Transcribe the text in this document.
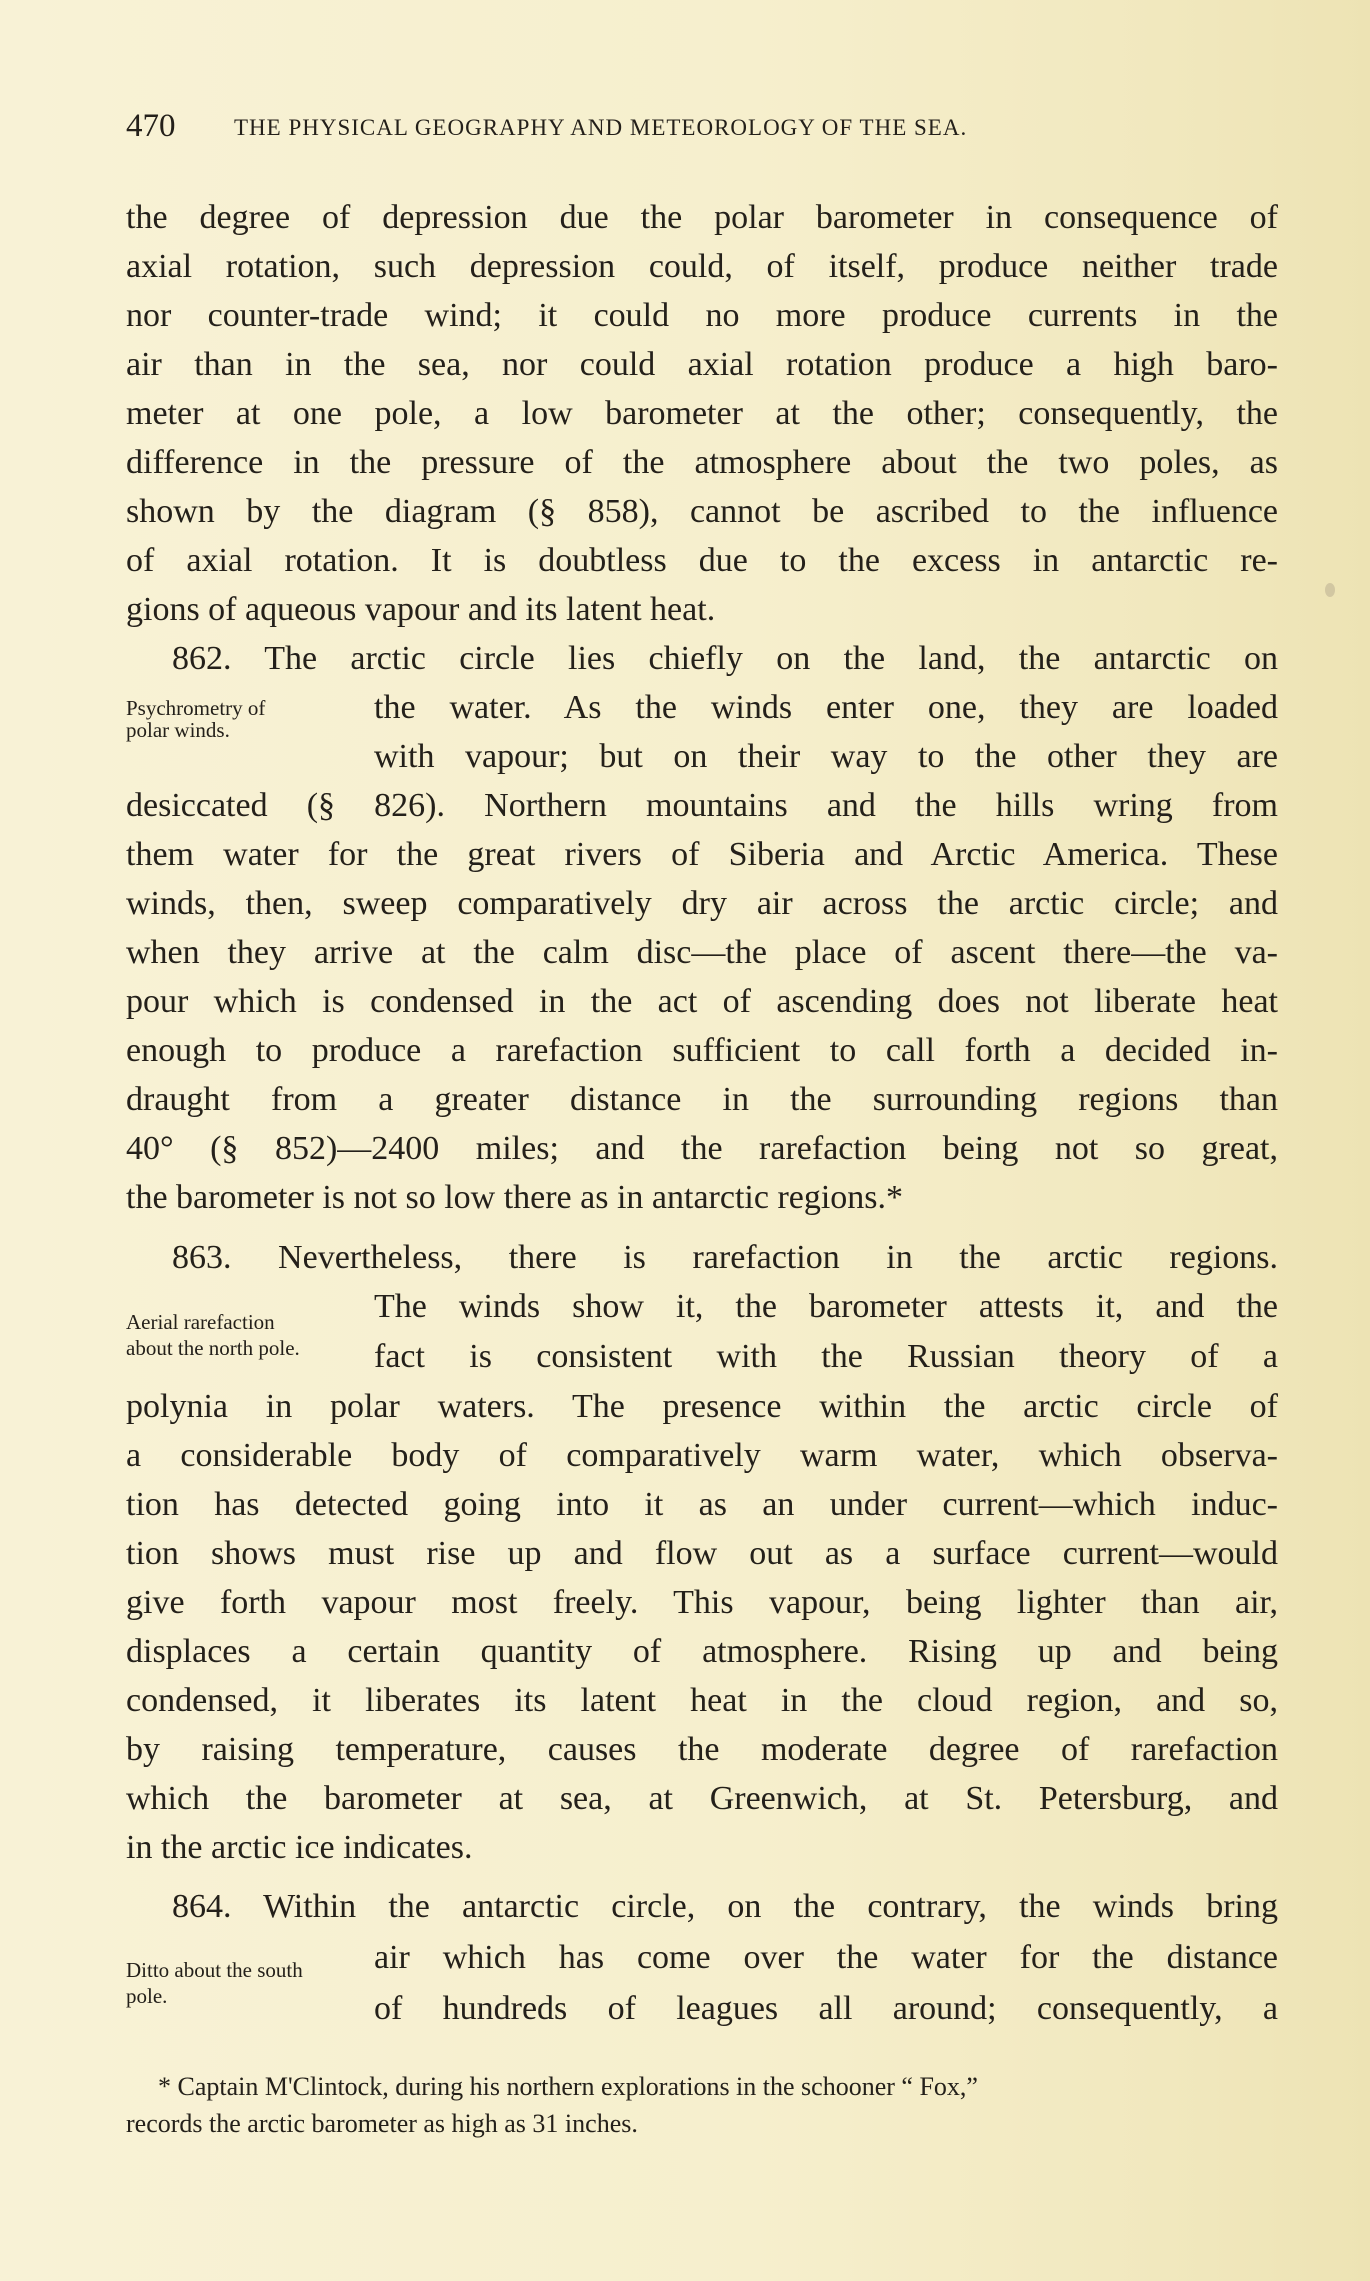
470	THE PHYSICAL GEOGRAPHY AND METEOROLOGY OF THE SEA.
the degree of depression due the polar barometer in consequence of
axial rotation, such depression could, of itself, produce neither trade
nor counter-trade wind; it could no more produce currents in the
air than in the sea, nor could axial rotation produce a high baro-
meter at one pole, a low barometer at the other; consequently, the
difference in the pressure of the atmosphere about the two poles, as
shown by the diagram (§ 858), cannot be ascribed to the influence
of axial rotation. It is doubtless due to the excess in antarctic re-
gions of aqueous vapour and its latent heat.
862. The arctic circle lies chiefly on the land, the antarctic on
Psychrometry of
polar winds.
the water. As the winds enter one, they are loaded
with vapour; but on their way to the other they are
desiccated (§ 826). Northern mountains and the hills wring from
them water for the great rivers of Siberia and Arctic America. These
winds, then, sweep comparatively dry air across the arctic circle; and
when they arrive at the calm disc—the place of ascent there—the va-
pour which is condensed in the act of ascending does not liberate heat
enough to produce a rarefaction sufficient to call forth a decided in-
draught from a greater distance in the surrounding regions than
40° (§ 852)—2400 miles; and the rarefaction being not so great,
the barometer is not so low there as in antarctic regions.*
863. Nevertheless, there is rarefaction in the arctic regions.
Aerial rarefaction
about the north pole.
The winds show it, the barometer attests it, and the
fact is consistent with the Russian theory of a
polynia in polar waters. The presence within the arctic circle of
a considerable body of comparatively warm water, which observa-
tion has detected going into it as an under current—which induc-
tion shows must rise up and flow out as a surface current—would
give forth vapour most freely. This vapour, being lighter than air,
displaces a certain quantity of atmosphere. Rising up and being
condensed, it liberates its latent heat in the cloud region, and so,
by raising temperature, causes the moderate degree of rarefaction
which the barometer at sea, at Greenwich, at St. Petersburg, and
in the arctic ice indicates.
864. Within the antarctic circle, on the contrary, the winds bring
Ditto about the south
pole.
air which has come over the water for the distance
of hundreds of leagues all around; consequently, a
* Captain M'Clintock, during his northern explorations in the schooner “ Fox,”
records the arctic barometer as high as 31 inches.
